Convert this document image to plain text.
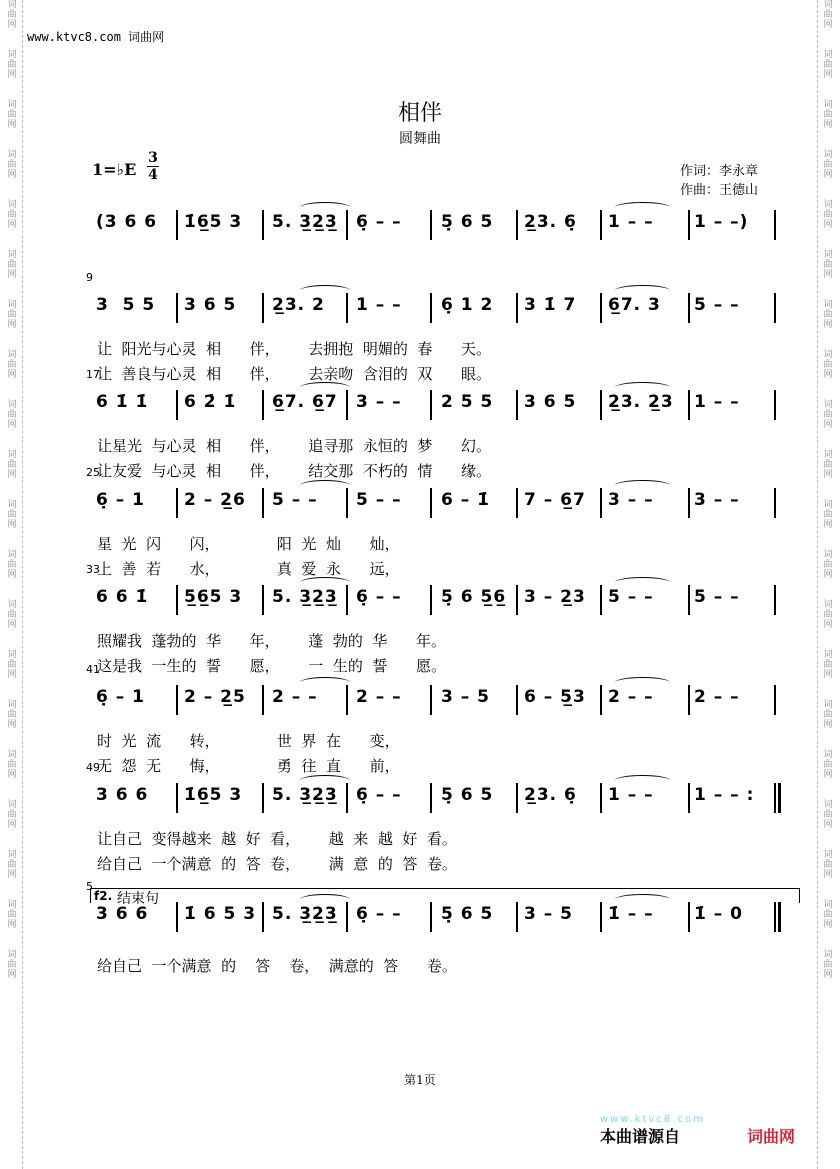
词
曲
网

词
曲
网

词
曲
网

词
曲
网

词
曲
网

词
曲
网

词
曲
网

词
曲
网

词
曲
网

词
曲
网

词
曲
网

词
曲
网

词
曲
网

词
曲
网

词
曲
网

词
曲
网

词
曲
网

词
曲
网

词
曲
网

词
曲
网
词
曲
网

词
曲
网

词
曲
网

词
曲
网

词
曲
网

词
曲
网

词
曲
网

词
曲
网

词
曲
网

词
曲
网

词
曲
网

词
曲
网

词
曲
网

词
曲
网

词
曲
网

词
曲
网

词
曲
网

词
曲
网

词
曲
网

词
曲
网
www.ktvc8.com 词曲网
相伴
圆舞曲
1=♭E
3
4	作词：李永章
作曲：王德山
(3 6 6 1̇6̲5 3 5. 3̲2̲3̲ 6̣ – – 5̣ 6 5 2̲3. 6̣ 1 – – 1 – –)
9
3  5 5 3 6 5 2̲3. 2 1 – – 6̣ 1 2 3 1̇ 7 6̲7. 3 5 – –
让  阳光与心灵  相      伴，      去拥抱  明媚的  春      天。
让  善良与心灵  相      伴，      去亲吻  含泪的  双      眼。
17
6 1̇ 1̇ 6 2̇ 1̇ 6̲7. 6̲7 3 – – 2 5 5 3 6 5 2̲3. 2̲3 1 – –
让星光  与心灵  相      伴，      追寻那  永恒的  梦      幻。
让友爱  与心灵  相      伴，      结交那  不朽的  情      缘。
25
6̣ – 1 2 – 2̲6 5 – – 5 – – 6 – 1̇ 7 – 6̲7 3 – – 3 – –
星  光  闪      闪，            阳  光  灿      灿，
上  善  若      水，            真  爱  永      远，
33
6 6 1̇ 5̲6̲5 3 5. 3̲2̲3̲ 6̣ – – 5̣ 6 5̲6̲ 3 – 2̲3 5 – – 5 – –
照耀我  蓬勃的  华      年，      蓬  勃的  华      年。
这是我  一生的  誓      愿，      一  生的  誓      愿。
41
6̣ – 1 2 – 2̲5 2 – – 2 – – 3 – 5 6 – 5̲3 2 – – 2 – –
时  光  流      转，            世  界  在      变，
无  怨  无      悔，            勇  往  直      前，
49
3 6 6 1̇6̲5 3 5. 3̲2̲3̲ 6̣ – – 5̣ 6 5 2̲3. 6̣ 1 – – 1 – – :
让自己  变得越来  越  好  看，      越  来  越  好  看。
给自己  一个满意  的  答  卷，      满  意  的  答  卷。
5
3 6 6 1̇ 6 5 3 5. 3̲2̲3̲ 6̣ – – 5̣ 6 5 3 – 5 1̇ – – 1̇ – 0
给自己  一个满意  的    答    卷，  满意的  答      卷。
f2. 结束句
第1页
www.ktvc8.com
本曲谱源自	词曲网
